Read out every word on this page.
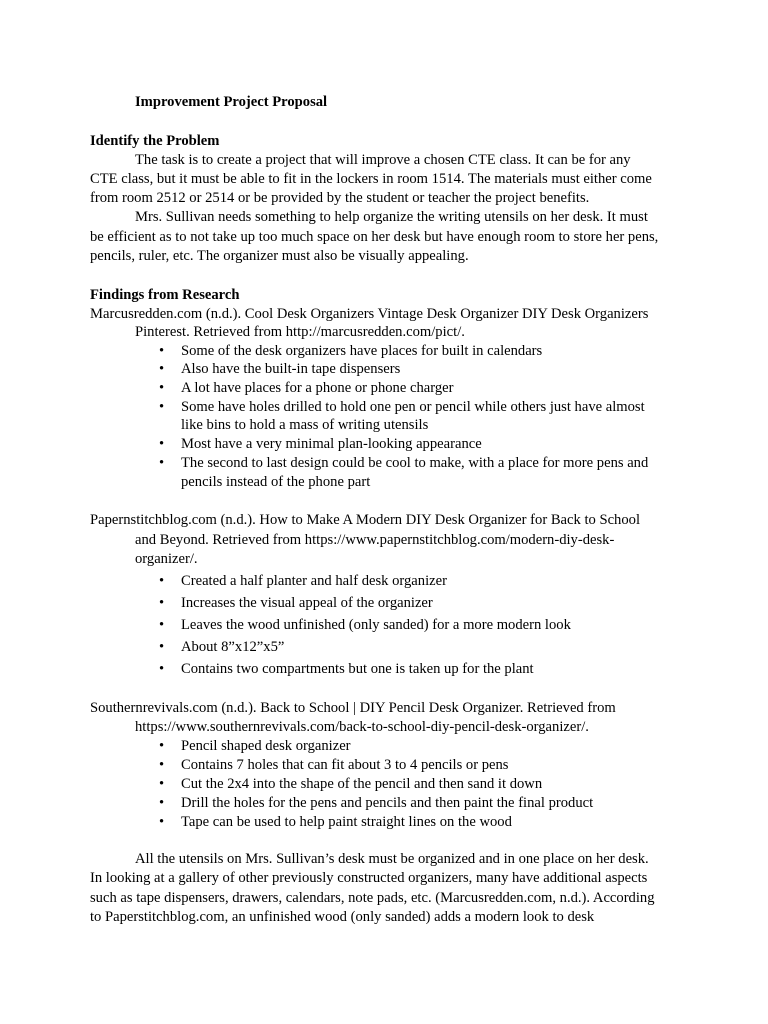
Improvement Project Proposal
Identify the Problem
The task is to create a project that will improve a chosen CTE class. It can be for any
CTE class, but it must be able to fit in the lockers in room 1514. The materials must either come
from room 2512 or 2514 or be provided by the student or teacher the project benefits.
Mrs. Sullivan needs something to help organize the writing utensils on her desk. It must
be efficient as to not take up too much space on her desk but have enough room to store her pens,
pencils, ruler, etc. The organizer must also be visually appealing.
Findings from Research
Marcusredden.com (n.d.). Cool Desk Organizers Vintage Desk Organizer DIY Desk Organizers
Pinterest. Retrieved from http://marcusredden.com/pict/.
• Some of the desk organizers have places for built in calendars
• Also have the built-in tape dispensers
• A lot have places for a phone or phone charger
• Some have holes drilled to hold one pen or pencil while others just have almost
like bins to hold a mass of writing utensils
• Most have a very minimal plan-looking appearance
• The second to last design could be cool to make, with a place for more pens and
pencils instead of the phone part
Papernstitchblog.com (n.d.). How to Make A Modern DIY Desk Organizer for Back to School
and Beyond. Retrieved from https://www.papernstitchblog.com/modern-diy-desk-
organizer/.
• Created a half planter and half desk organizer
• Increases the visual appeal of the organizer
• Leaves the wood unfinished (only sanded) for a more modern look
• About 8”x12”x5”
• Contains two compartments but one is taken up for the plant
Southernrevivals.com (n.d.). Back to School | DIY Pencil Desk Organizer. Retrieved from
https://www.southernrevivals.com/back-to-school-diy-pencil-desk-organizer/.
• Pencil shaped desk organizer
• Contains 7 holes that can fit about 3 to 4 pencils or pens
• Cut the 2x4 into the shape of the pencil and then sand it down
• Drill the holes for the pens and pencils and then paint the final product
• Tape can be used to help paint straight lines on the wood
All the utensils on Mrs. Sullivan’s desk must be organized and in one place on her desk.
In looking at a gallery of other previously constructed organizers, many have additional aspects
such as tape dispensers, drawers, calendars, note pads, etc. (Marcusredden.com, n.d.). According
to Paperstitchblog.com, an unfinished wood (only sanded) adds a modern look to desk
